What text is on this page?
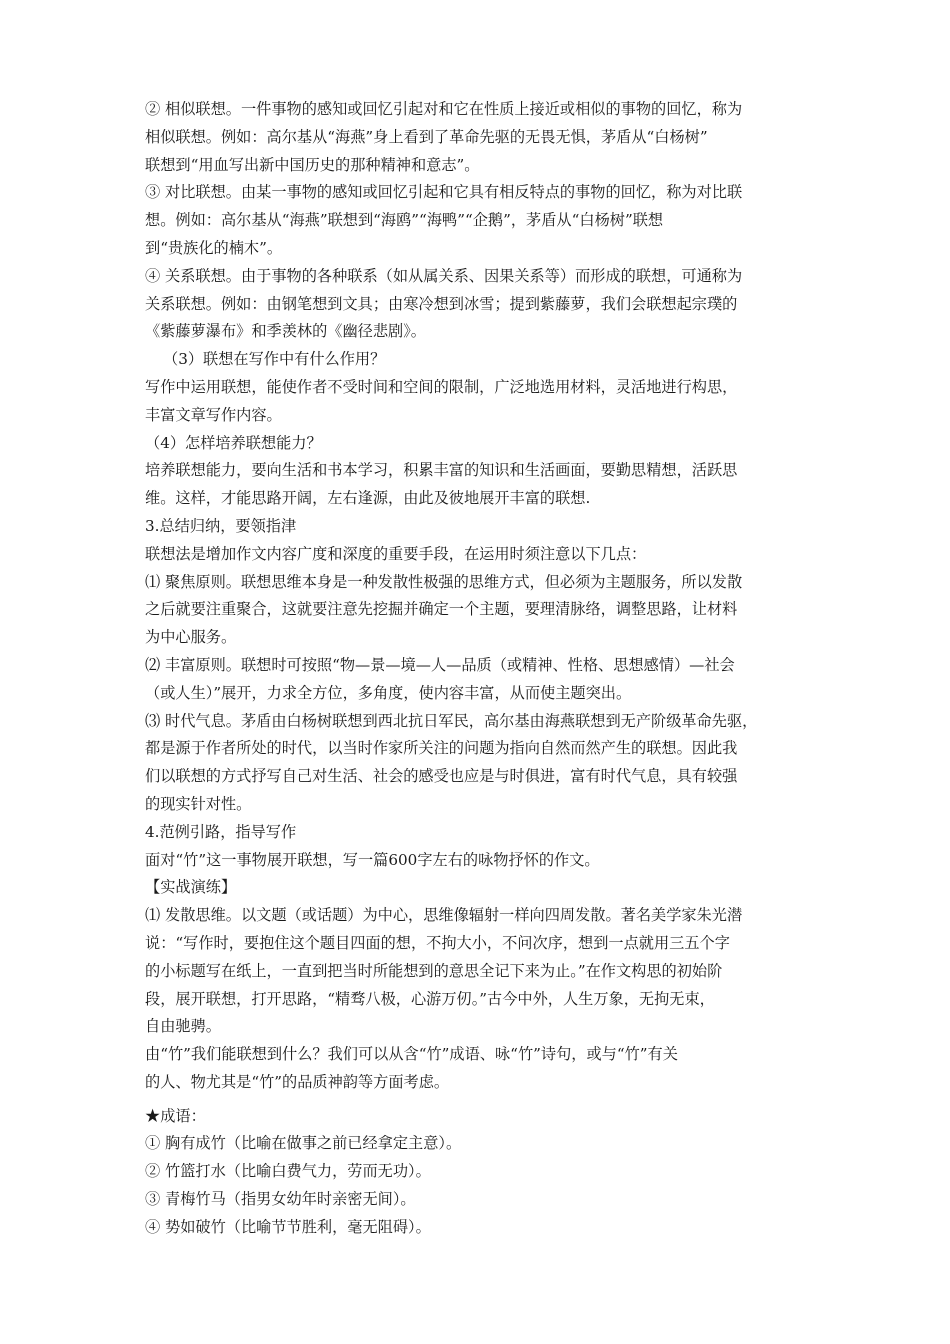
② 相似联想。一件事物的感知或回忆引起对和它在性质上接近或相似的事物的回忆，称为
相似联想。例如：高尔基从“海燕”身上看到了革命先驱的无畏无惧，茅盾从“白杨树”
联想到“用血写出新中国历史的那种精神和意志”。
③ 对比联想。由某一事物的感知或回忆引起和它具有相反特点的事物的回忆，称为对比联
想。例如：高尔基从“海燕”联想到“海鸥”“海鸭”“企鹅”，茅盾从“白杨树”联想
到“贵族化的楠木”。
④ 关系联想。由于事物的各种联系（如从属关系、因果关系等）而形成的联想，可通称为
关系联想。例如：由钢笔想到文具；由寒冷想到冰雪；提到紫藤萝，我们会联想起宗璞的
《紫藤萝瀑布》和季羡林的《幽径悲剧》。
（3）联想在写作中有什么作用？
写作中运用联想，能使作者不受时间和空间的限制，广泛地选用材料，灵活地进行构思，
丰富文章写作内容。
（4）怎样培养联想能力？
培养联想能力，要向生活和书本学习，积累丰富的知识和生活画面，要勤思精想，活跃思
维。这样，才能思路开阔，左右逢源，由此及彼地展开丰富的联想.
3.总结归纳，要领指津
联想法是增加作文内容广度和深度的重要手段，在运用时须注意以下几点：
⑴ 聚焦原则。联想思维本身是一种发散性极强的思维方式，但必须为主题服务，所以发散
之后就要注重聚合，这就要注意先挖掘并确定一个主题，要理清脉络，调整思路，让材料
为中心服务。
⑵ 丰富原则。联想时可按照“物—景—境—人—品质（或精神、性格、思想感情）—社会
（或人生）”展开，力求全方位，多角度，使内容丰富，从而使主题突出。
⑶ 时代气息。茅盾由白杨树联想到西北抗日军民，高尔基由海燕联想到无产阶级革命先驱，
都是源于作者所处的时代，以当时作家所关注的问题为指向自然而然产生的联想。因此我
们以联想的方式抒写自己对生活、社会的感受也应是与时俱进，富有时代气息，具有较强
的现实针对性。
4.范例引路，指导写作
面对“竹”这一事物展开联想，写一篇600字左右的咏物抒怀的作文。
【实战演练】
⑴ 发散思维。以文题（或话题）为中心，思维像辐射一样向四周发散。著名美学家朱光潜
说：“写作时，要抱住这个题目四面的想，不拘大小，不问次序，想到一点就用三五个字
的小标题写在纸上，一直到把当时所能想到的意思全记下来为止。”在作文构思的初始阶
段，展开联想，打开思路，“精骛八极，心游万仞。”古今中外，人生万象，无拘无束，
自由驰骋。
由“竹”我们能联想到什么？我们可以从含“竹”成语、咏“竹”诗句，或与“竹”有关
的人、物尤其是“竹”的品质神韵等方面考虑。
★成语：
① 胸有成竹（比喻在做事之前已经拿定主意）。
② 竹篮打水（比喻白费气力，劳而无功）。
③ 青梅竹马（指男女幼年时亲密无间）。
④ 势如破竹（比喻节节胜利，毫无阻碍）。
